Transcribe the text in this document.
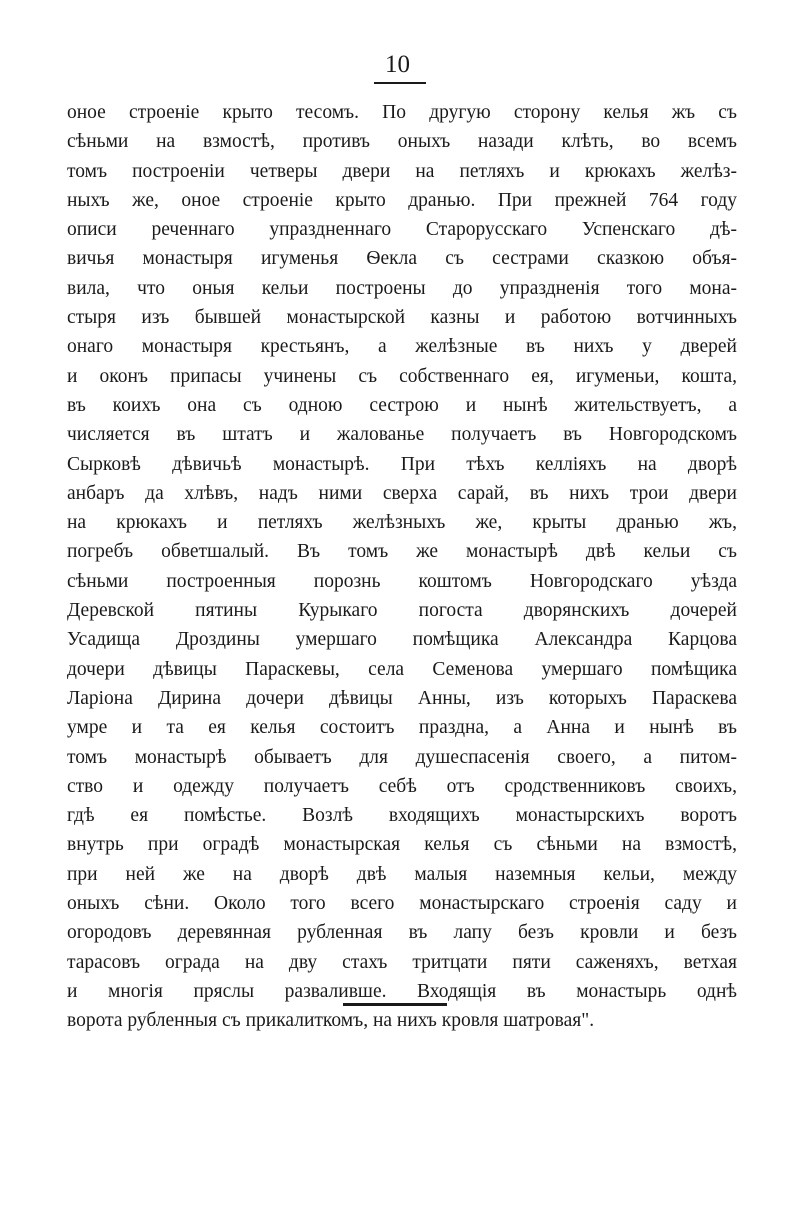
10
оное строеніе крыто тесомъ. По другую сторону келья жъ съ
сѣньми на взмостѣ, противъ оныхъ назади клѣть, во всемъ
томъ построеніи четверы двери на петляхъ и крюкахъ желѣз-
ныхъ же, оное строеніе крыто дранью. При прежней 764 году
описи реченнаго упраздненнаго Старорусскаго Успенскаго дѣ-
вичья монастыря игуменья Ѳекла съ сестрами сказкою объя-
вила, что оныя кельи построены до упраздненія того мона-
стыря изъ бывшей монастырской казны и работою вотчинныхъ
онаго монастыря крестьянъ, а желѣзные въ нихъ у дверей
и оконъ припасы учинены съ собственнаго ея, игуменьи, кошта,
въ коихъ она съ одною сестрою и нынѣ жительствуетъ, а
числяется въ штатъ и жалованье получаетъ въ Новгородскомъ
Сырковѣ дѣвичьѣ монастырѣ. При тѣхъ келліяхъ на дворѣ
анбаръ да хлѣвъ, надъ ними сверха сарай, въ нихъ трои двери
на крюкахъ и петляхъ желѣзныхъ же, крыты дранью жъ,
погребъ обветшалый. Въ томъ же монастырѣ двѣ кельи съ
сѣньми построенныя порознь коштомъ Новгородскаго уѣзда
Деревской пятины Курыкаго погоста дворянскихъ дочерей
Усадища Дроздины умершаго помѣщика Александра Карцова
дочери дѣвицы Параскевы, села Семенова умершаго помѣщика
Ларіона Дирина дочери дѣвицы Анны, изъ которыхъ Параскева
умре и та ея келья состоитъ праздна, а Анна и нынѣ въ
томъ монастырѣ обываетъ для душеспасенія своего, а питом-
ство и одежду получаетъ себѣ отъ сродственниковъ своихъ,
гдѣ ея помѣстье. Возлѣ входящихъ монастырскихъ воротъ
внутрь при оградѣ монастырская келья съ сѣньми на взмостѣ,
при ней же на дворѣ двѣ малыя наземныя кельи, между
оныхъ сѣни. Около того всего монастырскаго строенія саду и
огородовъ деревянная рубленная въ лапу безъ кровли и безъ
тарасовъ ограда на дву стахъ тритцати пяти саженяхъ, ветхая
и многія пряслы развалившe. Входящія въ монастырь однѣ
ворота рубленныя съ прикалиткомъ, на нихъ кровля шатровая".
